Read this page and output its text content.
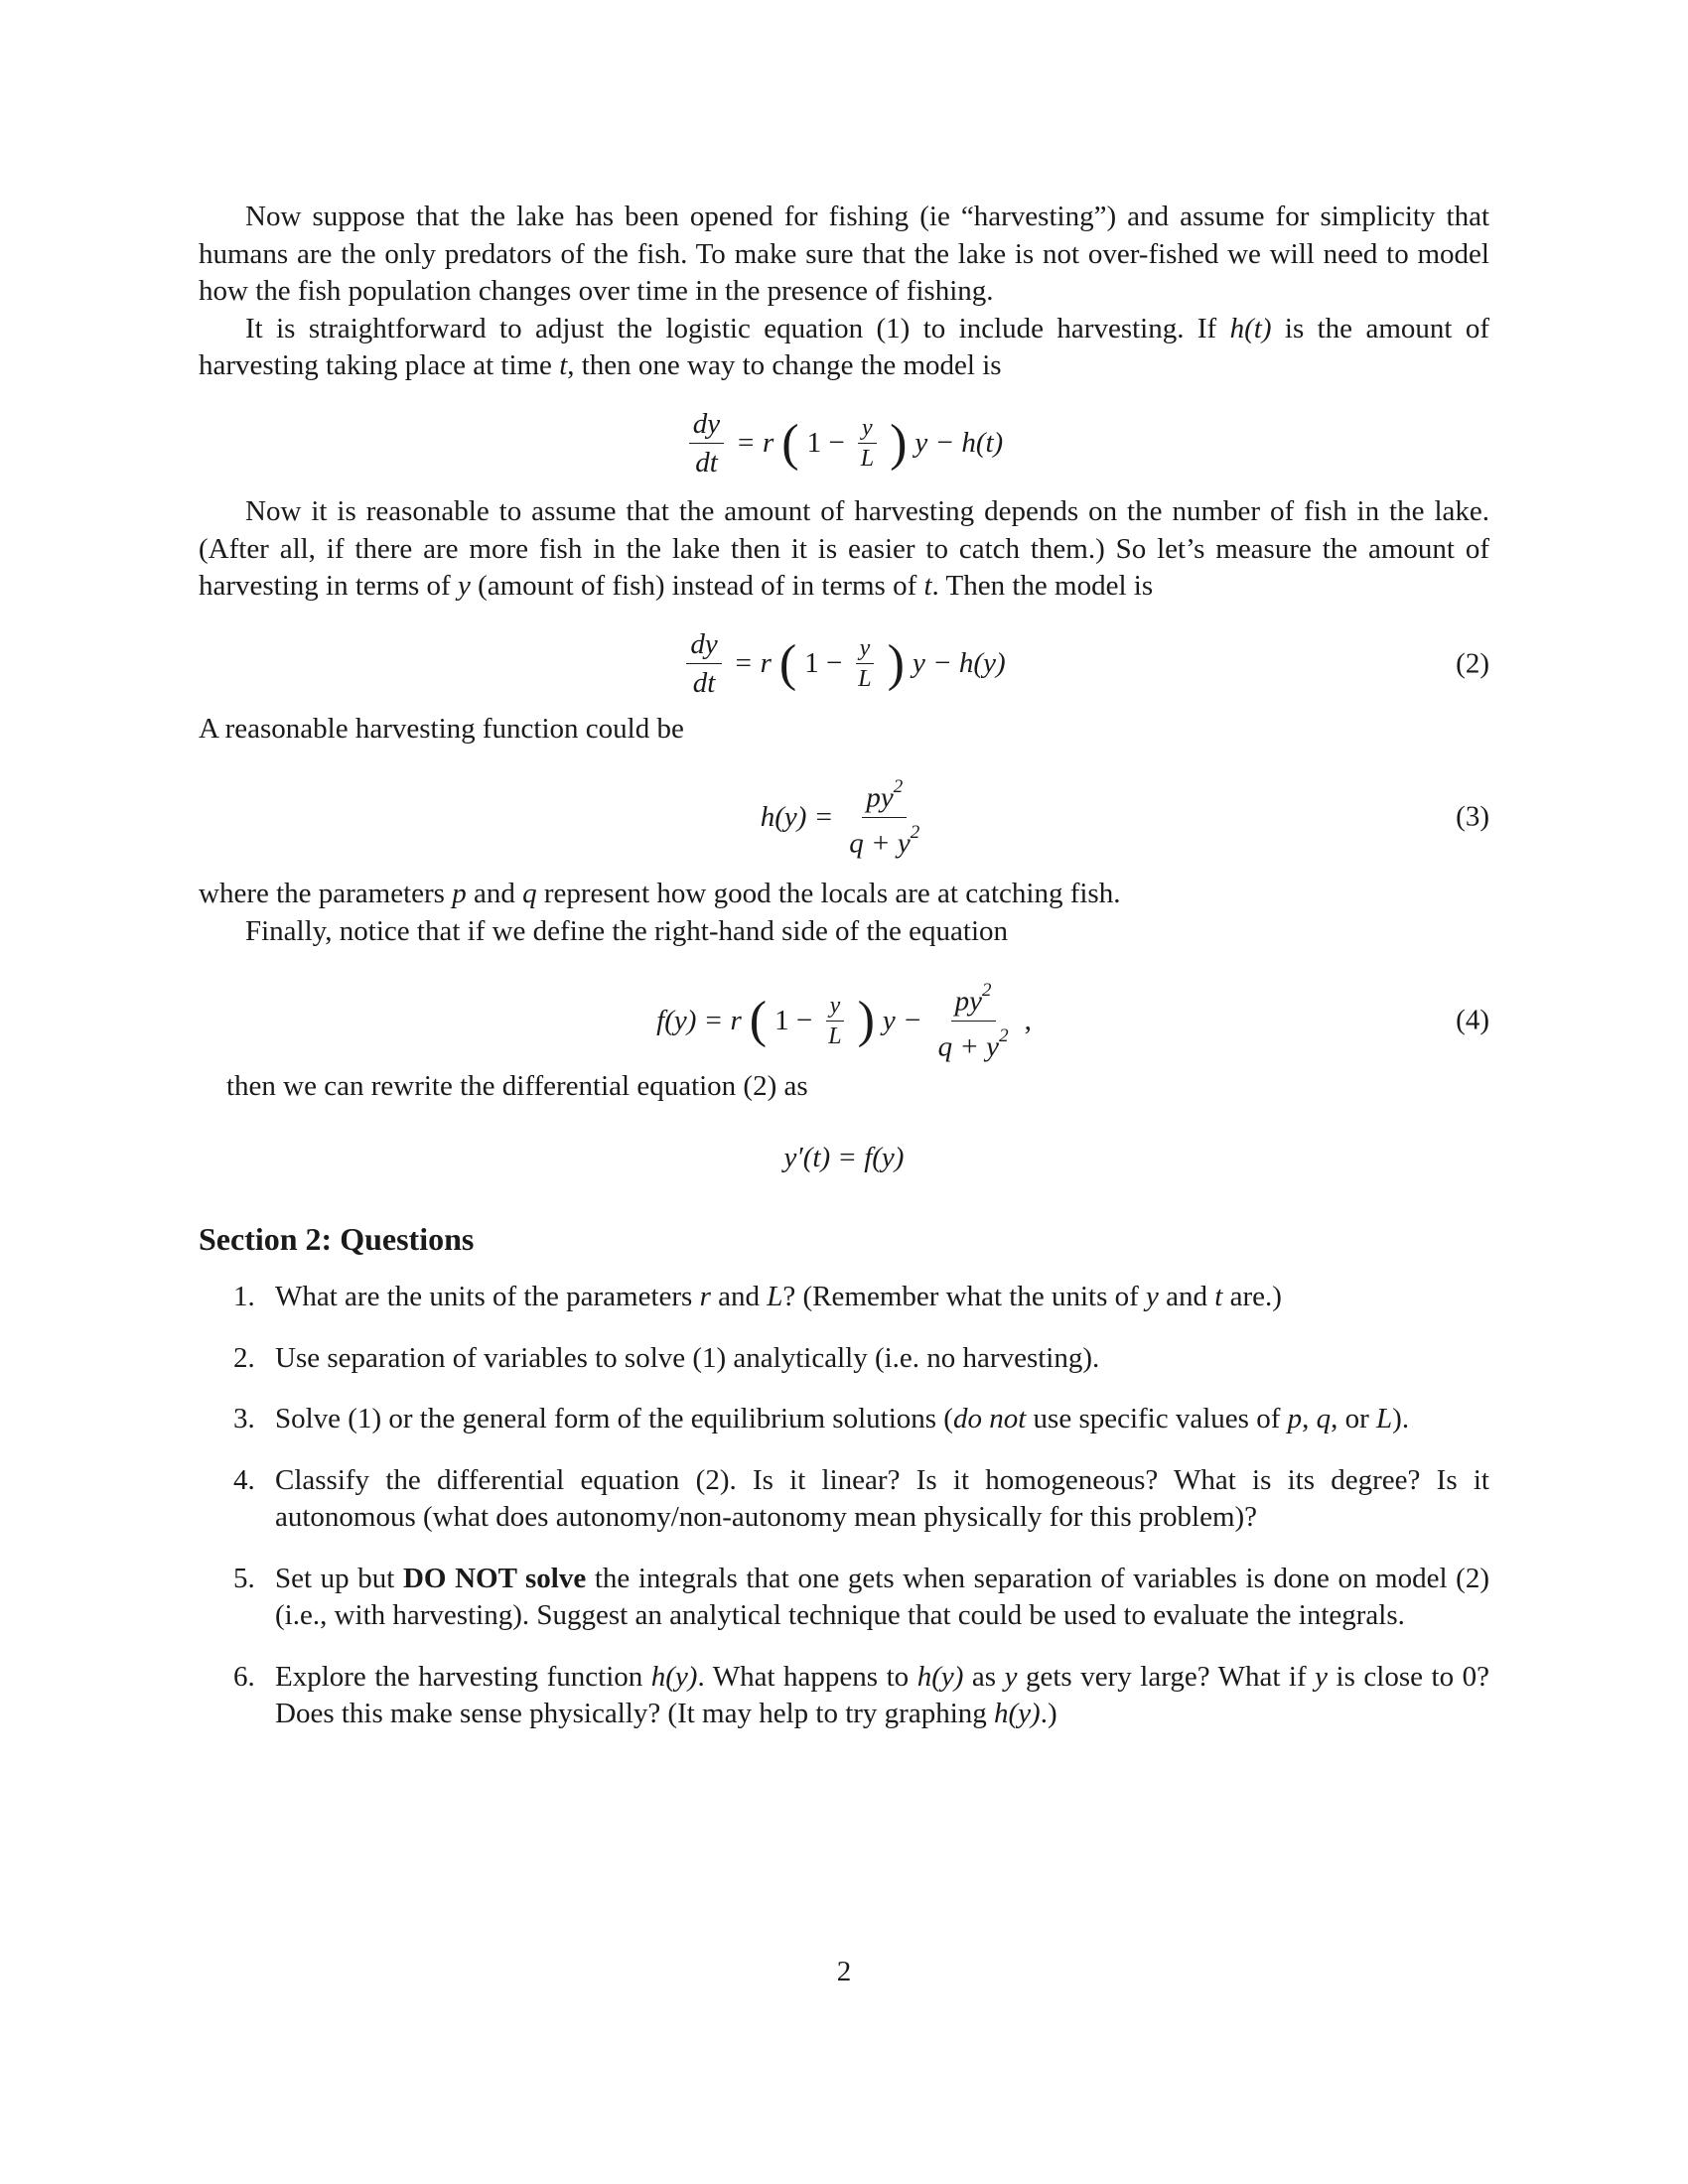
Now suppose that the lake has been opened for fishing (ie “harvesting”) and assume for simplicity that humans are the only predators of the fish. To make sure that the lake is not over-fished we will need to model how the fish population changes over time in the presence of fishing.

It is straightforward to adjust the logistic equation (1) to include harvesting. If h(t) is the amount of harvesting taking place at time t, then one way to change the model is

$\frac{dy}{dt} = r$ ( $1 - \frac{y}{L}$ ) y − h(t)

Now it is reasonable to assume that the amount of harvesting depends on the number of fish in the lake. (After all, if there are more fish in the lake then it is easier to catch them.) So let’s measure the amount of harvesting in terms of y (amount of fish) instead of in terms of t. Then the model is

$\frac{dy}{dt} = r$ ( $1 - \frac{y}{L}$ ) y − h(y)	(2)

A reasonable harvesting function could be

$h(y) = \frac{py^2}{q + y^2}$	(3)

where the parameters p and q represent how good the locals are at catching fish.

Finally, notice that if we define the right-hand side of the equation

f(y) = r ( $1 - \frac{y}{L}$ ) $y - \frac{py^2}{q + y^2}$ ,	(4)

then we can rewrite the differential equation (2) as

y′(t) = f(y)
Section 2: Questions
1. What are the units of the parameters r and L? (Remember what the units of y and t are.)
2. Use separation of variables to solve (1) analytically (i.e. no harvesting).
3. Solve (1) or the general form of the equilibrium solutions (do not use specific values of p, q, or L).
4. Classify the differential equation (2). Is it linear? Is it homogeneous? What is its degree? Is it autonomous (what does autonomy/non-autonomy mean physically for this problem)?
5. Set up but DO NOT solve the integrals that one gets when separation of variables is done on model (2) (i.e., with harvesting). Suggest an analytical technique that could be used to evaluate the integrals.
6. Explore the harvesting function h(y). What happens to h(y) as y gets very large? What if y is close to 0? Does this make sense physically? (It may help to try graphing h(y).)
2
